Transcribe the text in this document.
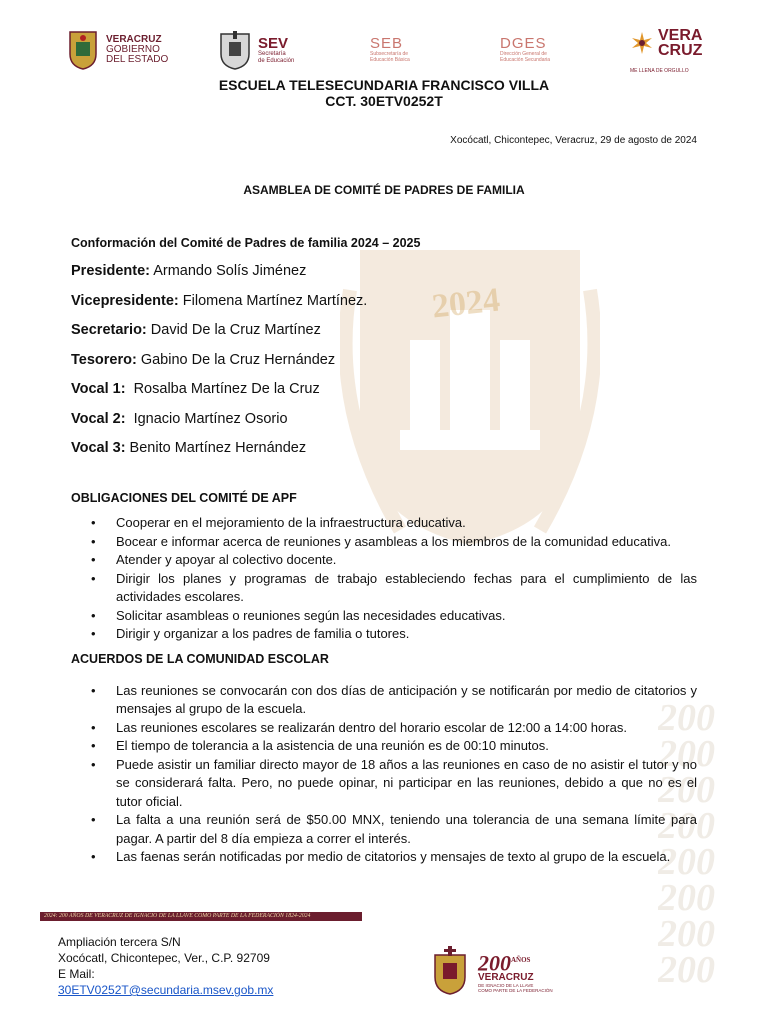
2024
200
200
200
200
200
200
200
200
VERACRUZ
GOBIERNO
DEL ESTADO
SEV
Secretaría
de Educación
SEB
Subsecretaría de
Educación Básica
DGES
Dirección General de
Educación Secundaria
VERA
CRUZ
ME LLENA DE ORGULLO
ESCUELA TELESECUNDARIA FRANCISCO VILLA
CCT. 30ETV0252T
Xocócatl, Chicontepec, Veracruz, 29 de agosto de 2024
ASAMBLEA DE COMITÉ DE PADRES DE FAMILIA
Conformación del Comité de Padres de familia 2024 – 2025
Presidente: Armando Solís Jiménez
Vicepresidente: Filomena Martínez Martínez.
Secretario: David De la Cruz Martínez
Tesorero: Gabino De la Cruz Hernández
Vocal 1:  Rosalba Martínez De la Cruz
Vocal 2:  Ignacio Martínez Osorio
Vocal 3: Benito Martínez Hernández
OBLIGACIONES DEL COMITÉ DE APF
• Cooperar en el mejoramiento de la infraestructura educativa.
• Bocear e informar acerca de reuniones y asambleas a los miembros de la comunidad educativa.
• Atender y apoyar al colectivo docente.
• Dirigir los planes y programas de trabajo estableciendo fechas para el cumplimiento de las actividades escolares.
• Solicitar asambleas o reuniones según las necesidades educativas.
• Dirigir y organizar a los padres de familia o tutores.
ACUERDOS DE LA COMUNIDAD ESCOLAR
• Las reuniones se convocarán con dos días de anticipación y se notificarán por medio de citatorios y mensajes al grupo de la escuela.
• Las reuniones escolares se realizarán dentro del horario escolar de 12:00 a 14:00 horas.
• El tiempo de tolerancia a la asistencia de una reunión es de 00:10 minutos.
• Puede asistir un familiar directo mayor de 18 años a las reuniones en caso de no asistir el tutor y no se considerará falta. Pero, no puede opinar, ni participar en las reuniones, debido a que no es el tutor oficial.
• La falta a una reunión será de $50.00 MNX, teniendo una tolerancia de una semana límite para pagar. A partir del 8 día empieza a correr el interés.
• Las faenas serán notificadas por medio de citatorios y mensajes de texto al grupo de la escuela.
2024: 200 AÑOS DE VERACRUZ DE IGNACIO DE LA LLAVE COMO PARTE DE LA FEDERACIÓN 1824-2024
Ampliación tercera S/N
Xocócatl, Chicontepec, Ver., C.P. 92709
E Mail:
30ETV0252T@secundaria.msev.gob.mx
$200^{AÑOS}$
VERACRUZ
DE IGNACIO DE LA LLAVE
COMO PARTE DE LA FEDERACIÓN
